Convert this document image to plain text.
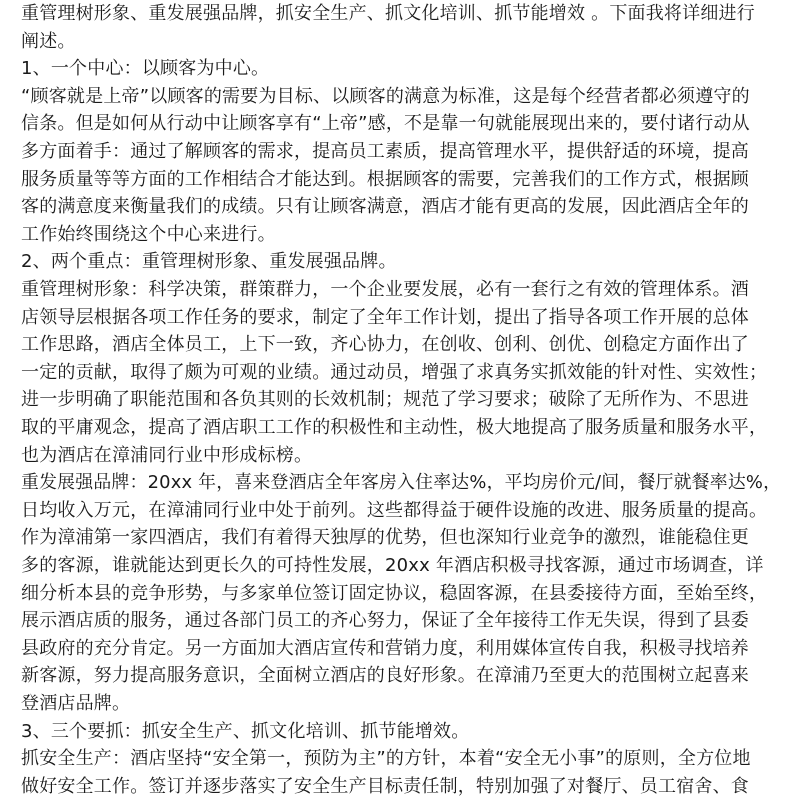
重管理树形象、重发展强品牌，抓安全生产、抓文化培训、抓节能增效 。下面我将详细进行
阐述。
1、一个中心：以顾客为中心。
“顾客就是上帝”以顾客的需要为目标、以顾客的满意为标准，这是每个经营者都必须遵守的
信条。但是如何从行动中让顾客享有“上帝”感，不是靠一句就能展现出来的，要付诸行动从
多方面着手：通过了解顾客的需求，提高员工素质，提高管理水平，提供舒适的环境，提高
服务质量等等方面的工作相结合才能达到。根据顾客的需要，完善我们的工作方式，根据顾
客的满意度来衡量我们的成绩。只有让顾客满意，酒店才能有更高的发展，因此酒店全年的
工作始终围绕这个中心来进行。
2、两个重点：重管理树形象、重发展强品牌。
重管理树形象：科学决策，群策群力，一个企业要发展，必有一套行之有效的管理体系。酒
店领导层根据各项工作任务的要求，制定了全年工作计划，提出了指导各项工作开展的总体
工作思路，酒店全体员工，上下一致，齐心协力，在创收、创利、创优、创稳定方面作出了
一定的贡献，取得了颇为可观的业绩。通过动员，增强了求真务实抓效能的针对性、实效性；
进一步明确了职能范围和各负其则的长效机制；规范了学习要求；破除了无所作为、不思进
取的平庸观念，提高了酒店职工工作的积极性和主动性，极大地提高了服务质量和服务水平，
也为酒店在漳浦同行业中形成标榜。
重发展强品牌：20xx 年，喜来登酒店全年客房入住率达%，平均房价元/间，餐厅就餐率达%，
日均收入万元，在漳浦同行业中处于前列。这些都得益于硬件设施的改进、服务质量的提高。
作为漳浦第一家四酒店，我们有着得天独厚的优势，但也深知行业竞争的激烈，谁能稳住更
多的客源，谁就能达到更长久的可持性发展，20xx 年酒店积极寻找客源，通过市场调查，详
细分析本县的竞争形势，与多家单位签订固定协议，稳固客源，在县委接待方面，至始至终，
展示酒店质的服务，通过各部门员工的齐心努力，保证了全年接待工作无失误，得到了县委
县政府的充分肯定。另一方面加大酒店宣传和营销力度，利用媒体宣传自我，积极寻找培养
新客源，努力提高服务意识，全面树立酒店的良好形象。在漳浦乃至更大的范围树立起喜来
登酒店品牌。
3、三个要抓：抓安全生产、抓文化培训、抓节能增效。
抓安全生产：酒店坚持“安全第一，预防为主”的方针，本着“安全无小事”的原则，全方位地
做好安全工作。签订并逐步落实了安全生产目标责任制，特别加强了对餐厅、员工宿舍、食
